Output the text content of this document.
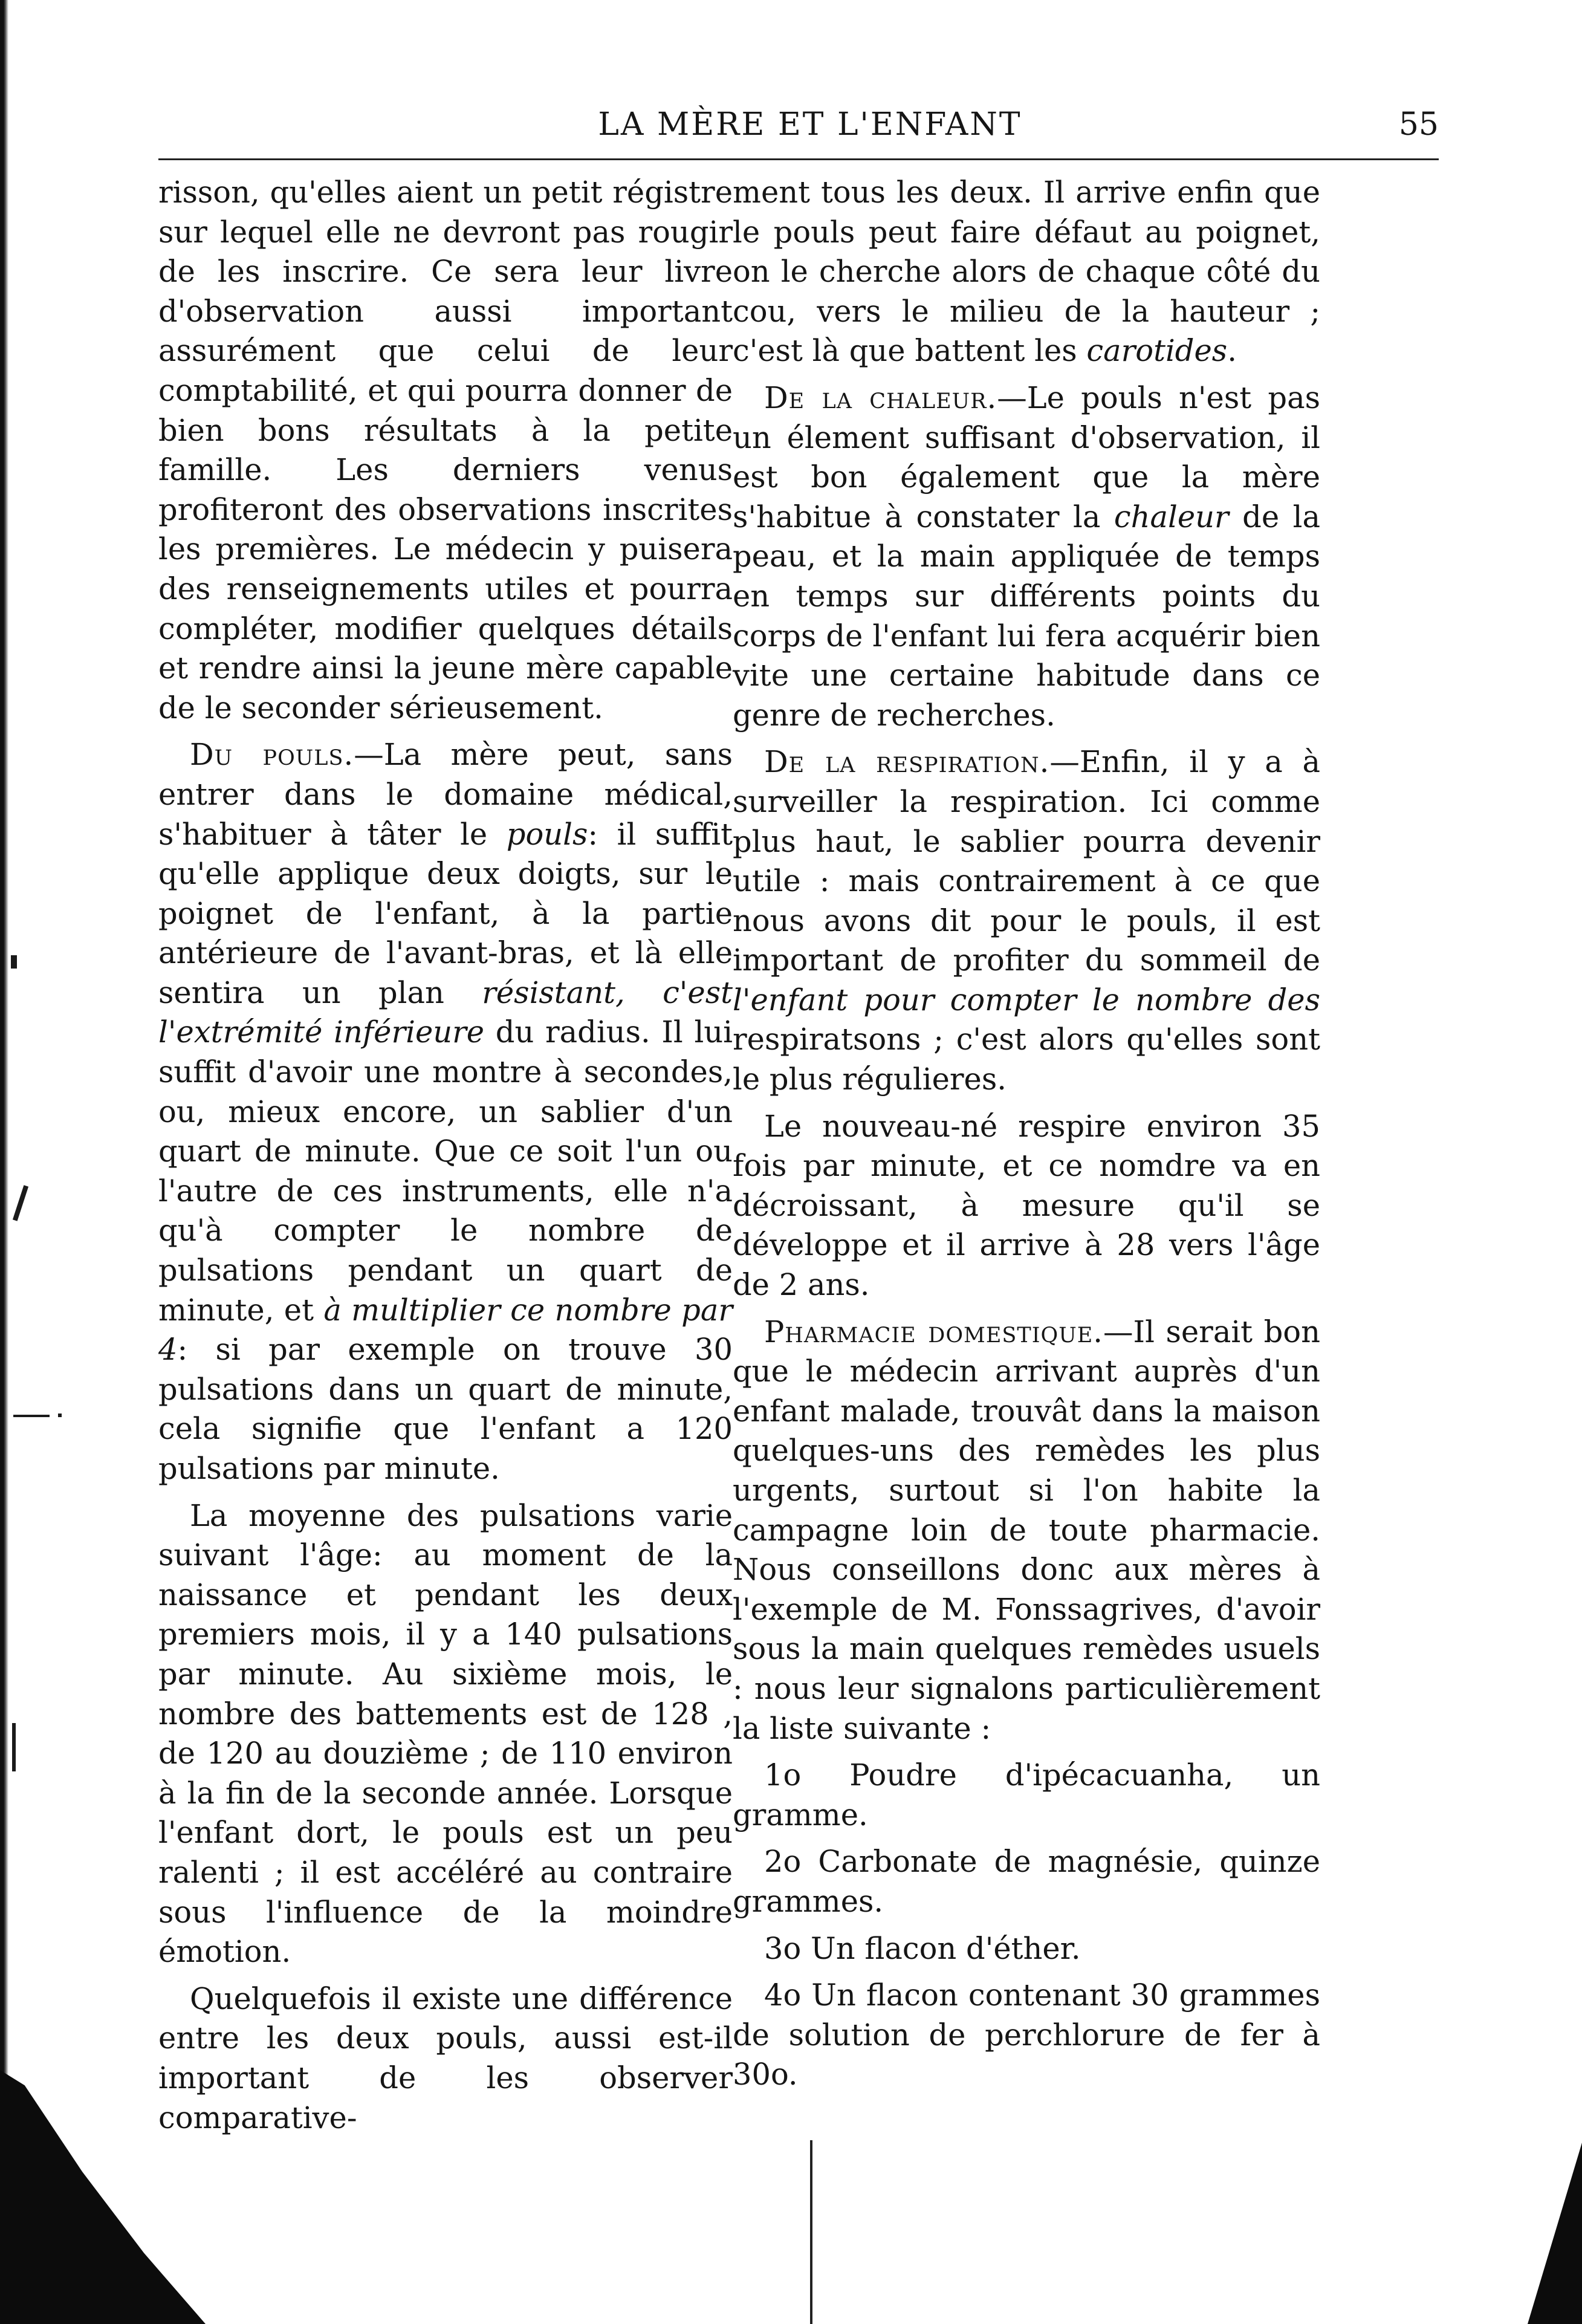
LA MÈRE ET L'ENFANT	55

risson, qu'elles aient un petit régistre sur lequel elle ne devront pas rougir de les inscrire. Ce sera leur livre d'observation aussi important assurément que celui de leur comptabilité, et qui pourra donner de bien bons résultats à la petite famille. Les derniers venus profiteront des observations inscrites les premières. Le médecin y puisera des renseignements utiles et pourra compléter, modifier quelques détails et rendre ainsi la jeune mère capable de le seconder sérieusement.

Du pouls.—La mère peut, sans entrer dans le domaine médical, s'habituer à tâter le pouls: il suffit qu'elle applique deux doigts, sur le poignet de l'enfant, à la partie antérieure de l'avant-bras, et là elle sentira un plan résistant, c'est l'extrémité inférieure du radius. Il lui suffit d'avoir une montre à secondes, ou, mieux encore, un sablier d'un quart de minute. Que ce soit l'un ou l'autre de ces instruments, elle n'a qu'à compter le nombre de pulsations pendant un quart de minute, et à multiplier ce nombre par 4: si par exemple on trouve 30 pulsations dans un quart de minute, cela signifie que l'enfant a 120 pulsations par minute.

La moyenne des pulsations varie suivant l'âge: au moment de la naissance et pendant les deux premiers mois, il y a 140 pulsations par minute. Au sixième mois, le nombre des battements est de 128 , de 120 au douzième ; de 110 environ à la fin de la seconde année. Lorsque l'enfant dort, le pouls est un peu ralenti ; il est accéléré au contraire sous l'influence de la moindre émotion.

Quelquefois il existe une différence entre les deux pouls, aussi est-il important de les observer comparative-

ment tous les deux. Il arrive enfin que le pouls peut faire défaut au poignet, on le cherche alors de chaque côté du cou, vers le milieu de la hauteur ; c'est là que battent les carotides.

De la chaleur.—Le pouls n'est pas un élement suffisant d'observation, il est bon également que la mère s'habitue à constater la chaleur de la peau, et la main appliquée de temps en temps sur différents points du corps de l'enfant lui fera acquérir bien vite une certaine habitude dans ce genre de recherches.

De la respiration.—Enfin, il y a à surveiller la respiration. Ici comme plus haut, le sablier pourra devenir utile : mais contrairement à ce que nous avons dit pour le pouls, il est important de profiter du sommeil de l'enfant pour compter le nombre des respiratsons ; c'est alors qu'elles sont le plus régulieres.

Le nouveau-né respire environ 35 fois par minute, et ce nomdre va en décroissant, à mesure qu'il se développe et il arrive à 28 vers l'âge de 2 ans.

Pharmacie domestique.—Il serait bon que le médecin arrivant auprès d'un enfant malade, trouvât dans la maison quelques-uns des remèdes les plus urgents, surtout si l'on habite la campagne loin de toute pharmacie. Nous conseillons donc aux mères à l'exemple de M. Fonssagrives, d'avoir sous la main quelques remèdes usuels : nous leur signalons particulièrement la liste suivante :

1o Poudre d'ipécacuanha, un gramme.

2o Carbonate de magnésie, quinze grammes.

3o Un flacon d'éther.

4o Un flacon contenant 30 grammes de solution de perchlorure de fer à 30o.
